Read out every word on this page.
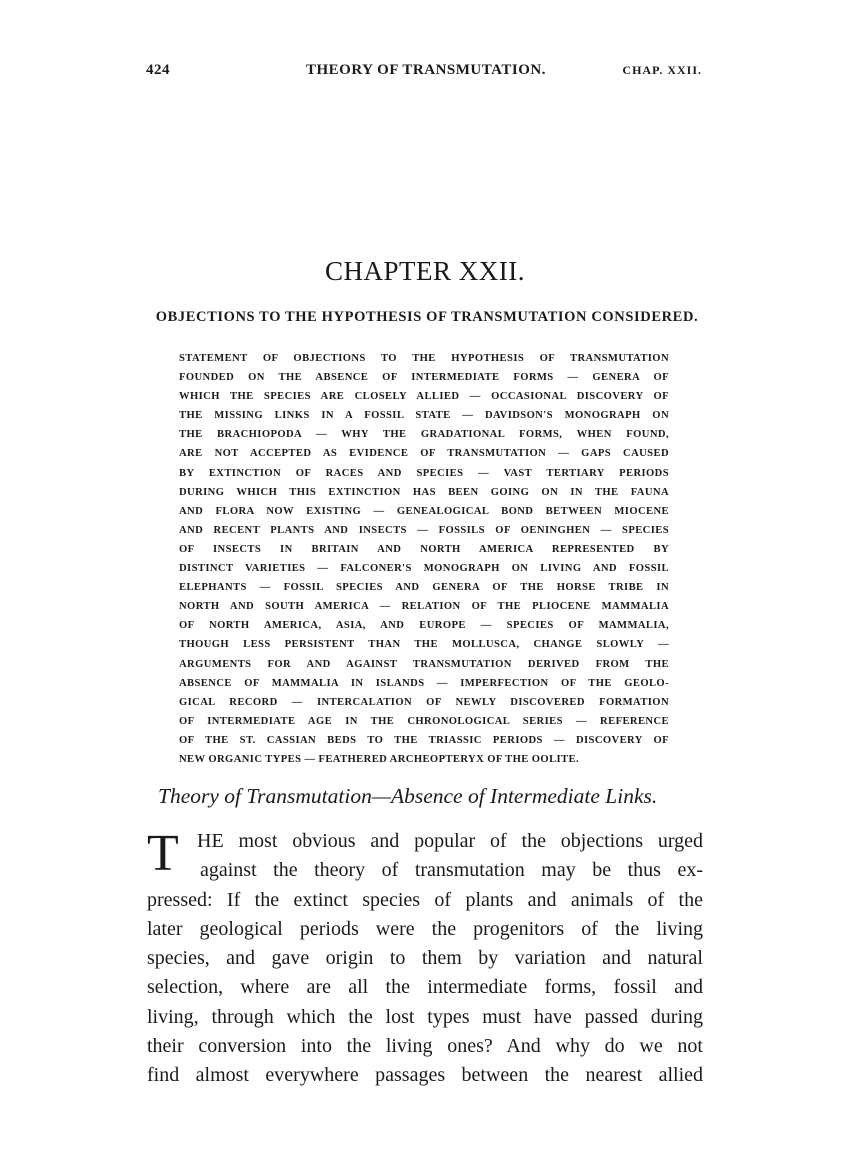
424	THEORY OF TRANSMUTATION.	CHAP. XXII.
CHAPTER XXII.
OBJECTIONS TO THE HYPOTHESIS OF TRANSMUTATION CONSIDERED.
STATEMENT OF OBJECTIONS TO THE HYPOTHESIS OF TRANSMUTATION
FOUNDED ON THE ABSENCE OF INTERMEDIATE FORMS — GENERA OF
WHICH THE SPECIES ARE CLOSELY ALLIED — OCCASIONAL DISCOVERY OF
THE MISSING LINKS IN A FOSSIL STATE — DAVIDSON'S MONOGRAPH ON
THE BRACHIOPODA — WHY THE GRADATIONAL FORMS, WHEN FOUND,
ARE NOT ACCEPTED AS EVIDENCE OF TRANSMUTATION — GAPS CAUSED
BY EXTINCTION OF RACES AND SPECIES — VAST TERTIARY PERIODS
DURING WHICH THIS EXTINCTION HAS BEEN GOING ON IN THE FAUNA
AND FLORA NOW EXISTING — GENEALOGICAL BOND BETWEEN MIOCENE
AND RECENT PLANTS AND INSECTS — FOSSILS OF OENINGHEN — SPECIES
OF INSECTS IN BRITAIN AND NORTH AMERICA REPRESENTED BY
DISTINCT VARIETIES — FALCONER'S MONOGRAPH ON LIVING AND FOSSIL
ELEPHANTS — FOSSIL SPECIES AND GENERA OF THE HORSE TRIBE IN
NORTH AND SOUTH AMERICA — RELATION OF THE PLIOCENE MAMMALIA
OF NORTH AMERICA, ASIA, AND EUROPE — SPECIES OF MAMMALIA,
THOUGH LESS PERSISTENT THAN THE MOLLUSCA, CHANGE SLOWLY —
ARGUMENTS FOR AND AGAINST TRANSMUTATION DERIVED FROM THE
ABSENCE OF MAMMALIA IN ISLANDS — IMPERFECTION OF THE GEOLO-
GICAL RECORD — INTERCALATION OF NEWLY DISCOVERED FORMATION
OF INTERMEDIATE AGE IN THE CHRONOLOGICAL SERIES — REFERENCE
OF THE ST. CASSIAN BEDS TO THE TRIASSIC PERIODS — DISCOVERY OF
NEW ORGANIC TYPES — FEATHERED ARCHEOPTERYX OF THE OOLITE.
Theory of Transmutation—Absence of Intermediate Links.
T HE most obvious and popular of the objections urged
against the theory of transmutation may be thus ex-
pressed: If the extinct species of plants and animals of the
later geological periods were the progenitors of the living
species, and gave origin to them by variation and natural
selection, where are all the intermediate forms, fossil and
living, through which the lost types must have passed during
their conversion into the living ones? And why do we not
find almost everywhere passages between the nearest allied
